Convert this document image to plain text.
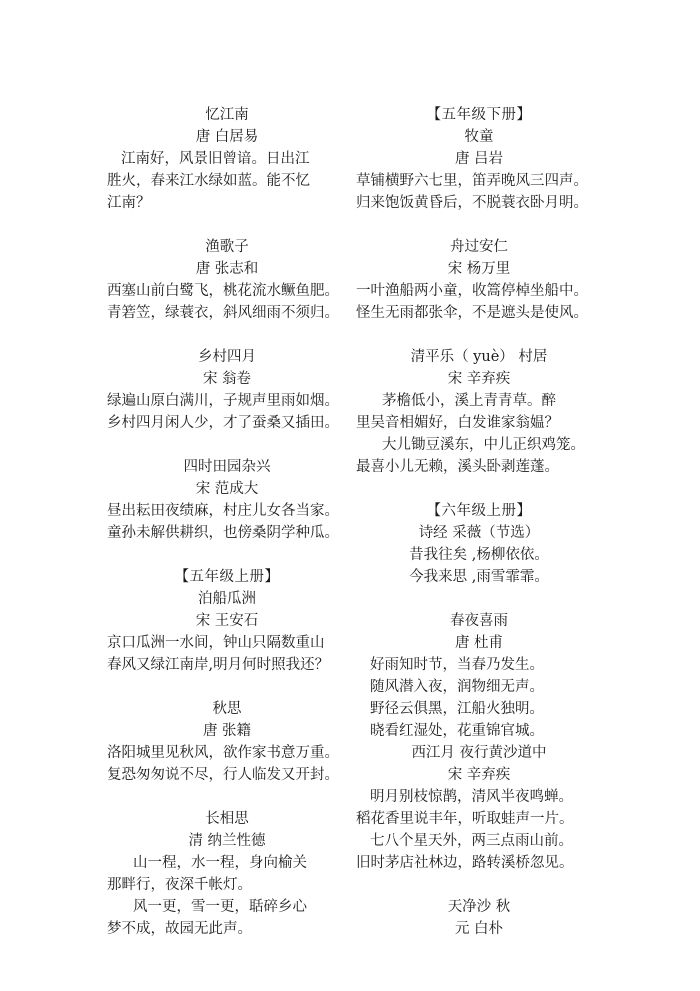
忆江南
唐 白居易
江南好，风景旧曾谙。日出江
胜火，春来江水绿如蓝。能不忆
江南？
渔歌子
唐 张志和
西塞山前白鹭飞，桃花流水鳜鱼肥。
青箬笠，绿蓑衣，斜风细雨不须归。
乡村四月
宋 翁卷
绿遍山原白满川，子规声里雨如烟。
乡村四月闲人少，才了蚕桑又插田。
四时田园杂兴
宋 范成大
昼出耘田夜绩麻，村庄儿女各当家。
童孙未解供耕织，也傍桑阴学种瓜。
【五年级上册】
泊船瓜洲
宋 王安石
京口瓜洲一水间，钟山只隔数重山
春风又绿江南岸,明月何时照我还？
秋思
唐 张籍
洛阳城里见秋风，欲作家书意万重。
复恐匆匆说不尽，行人临发又开封。
长相思
清 纳兰性德
山一程，水一程，身向榆关
那畔行，夜深千帐灯。
风一更，雪一更，聒碎乡心
梦不成，故园无此声。
【五年级下册】
牧童
唐 吕岩
草铺横野六七里，笛弄晚风三四声。
归来饱饭黄昏后，不脱蓑衣卧月明。
舟过安仁
宋 杨万里
一叶渔船两小童，收篙停棹坐船中。
怪生无雨都张伞，不是遮头是使风。
清平乐（ yuè） 村居
宋 辛弃疾
茅檐低小，溪上青青草。醉
里吴音相媚好，白发谁家翁媪？
大儿锄豆溪东，中儿正织鸡笼。
最喜小儿无赖，溪头卧剥莲蓬。
【六年级上册】
诗经 采薇（节选）
昔我往矣 ,杨柳依依。
今我来思 ,雨雪霏霏。
春夜喜雨
唐 杜甫
好雨知时节，当春乃发生。
随风潜入夜，润物细无声。
野径云俱黑，江船火独明。
晓看红湿处，花重锦官城。
西江月 夜行黄沙道中
宋 辛弃疾
明月别枝惊鹊，清风半夜鸣蝉。
稻花香里说丰年，听取蛙声一片。
七八个星天外，两三点雨山前。
旧时茅店社林边，路转溪桥忽见。
天净沙 秋
元 白朴
